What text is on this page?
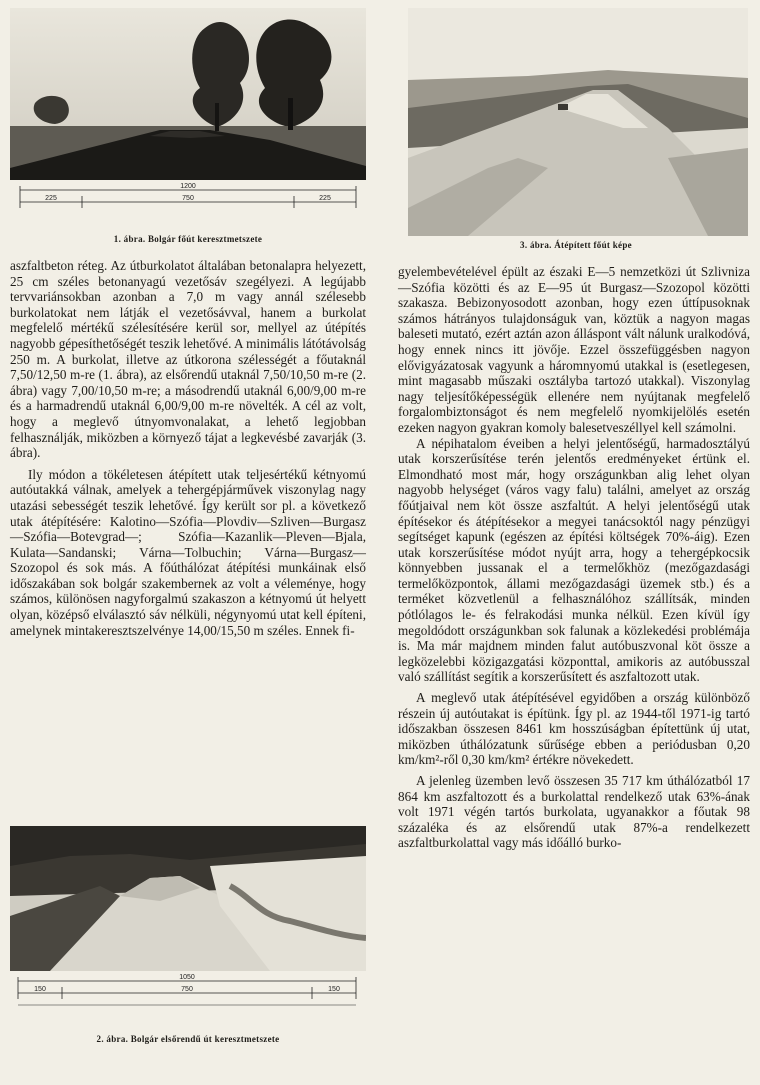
1200
750
225	225
1. ábra. Bolgár főút keresztmetszete
3. ábra. Átépített főút képe

aszfaltbeton réteg. Az útburkolatot általában betonalapra helyezett, 25 cm széles betonanyagú vezetősáv szegélyezi. A legújabb tervvariánsokban azonban a 7,0 m vagy annál szélesebb burkolatokat nem látják el vezetősávval, hanem a burkolat megfelelő mértékű szélesítésére kerül sor, mellyel az útépítés nagyobb gépesíthetőségét teszik lehetővé. A minimális látótávolság 250 m. A burkolat, illetve az útkorona szélességét a főutaknál 7,50/12,50 m-re (1. ábra), az elsőrendű utaknál 7,50/10,50 m-re (2. ábra) vagy 7,00/10,50 m-re; a másodrendű utaknál 6,00/9,00 m-re és a harmadrendű utaknál 6,00/9,00 m-re növelték. A cél az volt, hogy a meglevő útnyomvonalakat, a lehető legjobban felhasználják, miközben a környező tájat a legkevésbé zavarják (3. ábra).

Ily módon a tökéletesen átépített utak teljesértékű kétnyomú autóutakká válnak, amelyek a tehergépjárművek viszonylag nagy utazási sebességét teszik lehetővé. Így került sor pl. a következő utak átépítésére: Kalotino—Szófia—Plovdiv—Szliven—Burgasz—Szófia—Botevgrad—; Szófia—Kazanlik—Pleven—Bjala, Kulata—Sandanski; Várna—Tolbuchin; Várna—Burgasz—Szozopol és sok más. A főúthálózat átépítési munkáinak első időszakában sok bolgár szakembernek az volt a véleménye, hogy számos, különösen nagyforgalmú szakaszon a kétnyomú út helyett olyan, középső elválasztó sáv nélküli, négynyomú utat kell építeni, amelynek mintakeresztszelvénye 14,00/15,50 m széles. Ennek fi-

1050
750
150	150
2. ábra. Bolgár elsőrendű út keresztmetszete

gyelembevételével épült az északi E—5 nemzetközi út Szlivniza—Szófia közötti és az E—95 út Burgasz—Szozopol közötti szakasza. Bebizonyosodott azonban, hogy ezen úttípusoknak számos hátrányos tulajdonságuk van, köztük a nagyon magas baleseti mutató, ezért aztán azon álláspont vált nálunk uralkodóvá, hogy ennek nincs itt jövője. Ezzel összefüggésben nagyon elővigyázatosak vagyunk a háromnyomú utakkal is (esetlegesen, mint magasabb műszaki osztályba tartozó utakkal). Viszonylag nagy teljesítőképességük ellenére nem nyújtanak megfelelő forgalombiztonságot és nem megfelelő nyomkijelölés esetén ezeken nagyon gyakran komoly balesetveszéllyel kell számolni.

A népihatalom éveiben a helyi jelentőségű, harmadosztályú utak korszerűsítése terén jelentős eredményeket értünk el. Elmondható most már, hogy országunkban alig lehet olyan nagyobb helységet (város vagy falu) találni, amelyet az ország főútjaival nem köt össze aszfaltút. A helyi jelentőségű utak építésekor és átépítésekor a megyei tanácsoktól nagy pénzügyi segítséget kapunk (egészen az építési költségek 70%-áig). Ezen utak korszerűsítése módot nyújt arra, hogy a tehergépkocsik könnyebben jussanak el a termelőkhöz (mezőgazdasági termelőközpontok, állami mezőgazdasági üzemek stb.) és a terméket közvetlenül a felhasználóhoz szállítsák, minden pótlólagos le- és felrakodási munka nélkül. Ezen kívül így megoldódott országunkban sok falunak a közlekedési problémája is. Ma már majdnem minden falut autóbuszvonal köt össze a legközelebbi közigazgatási központtal, amikoris az autóbusszal való szállítást segítik a korszerűsített és aszfaltozott utak.

A meglevő utak átépítésével egyidőben a ország különböző részein új autóutakat is építünk. Így pl. az 1944-től 1971-ig tartó időszakban összesen 8461 km hosszúságban építettünk új utat, miközben úthálózatunk sűrűsége ebben a periódusban 0,20 km/km²-ről 0,30 km/km² értékre növekedett.

A jelenleg üzemben levő összesen 35 717 km úthálózatból 17 864 km aszfaltozott és a burkolattal rendelkező utak 63%-ának volt 1971 végén tartós burkolata, ugyanakkor a főutak 98 százaléka és az elsőrendű utak 87%-a rendelkezett aszfaltburkolattal vagy más időálló burko-
